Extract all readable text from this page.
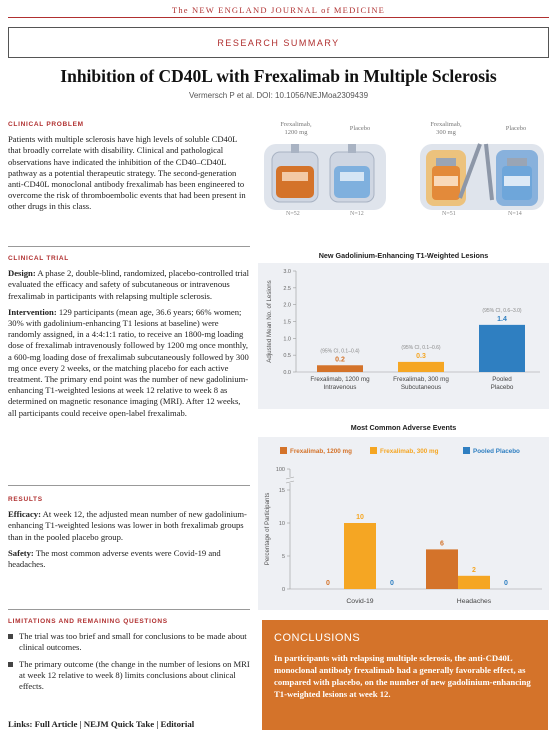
The NEW ENGLAND JOURNAL of MEDICINE
RESEARCH SUMMARY
Inhibition of CD40L with Frexalimab in Multiple Sclerosis
Vermersch P et al. DOI: 10.1056/NEJMoa2309439
CLINICAL PROBLEM

Patients with multiple sclerosis have high levels of soluble CD40L that broadly correlate with disability. Clinical and pathological observations have indicated the inhibition of the CD40–CD40L pathway as a potential therapeutic strategy. The second-generation anti-CD40L monoclonal antibody frexalimab has been engineered to overcome the risk of thromboembolic events that had been present in other drugs in this class.

CLINICAL TRIAL

Design: A phase 2, double-blind, randomized, placebo-controlled trial evaluated the efficacy and safety of subcutaneous or intravenous frexalimab in participants with relapsing multiple sclerosis.

Intervention: 129 participants (mean age, 36.6 years; 66% women; 30% with gadolinium-enhancing T1 lesions at baseline) were randomly assigned, in a 4:4:1:1 ratio, to receive an 1800-mg loading dose of frexalimab intravenously followed by 1200 mg once monthly, a 600-mg loading dose of frexalimab subcutaneously followed by 300 mg once every 2 weeks, or the matching placebo for each active treatment. The primary end point was the number of new gadolinium-enhancing T1-weighted lesions at week 12 relative to week 8 as determined on magnetic resonance imaging (MRI). After 12 weeks, all participants could receive open-label frexalimab.

RESULTS

Efficacy: At week 12, the adjusted mean number of new gadolinium-enhancing T1-weighted lesions was lower in both frexalimab groups than in the pooled placebo group.

Safety: The most common adverse events were Covid-19 and headaches.

LIMITATIONS AND REMAINING QUESTIONS
The trial was too brief and small for conclusions to be made about clinical outcomes.
The primary outcome (the change in the number of lesions on MRI at week 12 relative to week 8) limits conclusions about clinical effects.
Links: Full Article | NEJM Quick Take | Editorial
Frexalimab,
1200 mg
Placebo
Frexalimab,
300 mg
Placebo
N=52	N=12	N=51	N=14
New Gadolinium-Enhancing T1-Weighted Lesions
0.0
0.5
1.0
1.5
2.0
2.5
3.0
Adjusted Mean No. of Lesions	0.2
(95% CI, 0.1–0.4)
Frexalimab, 1200 mg
Intravenous
0.3
(95% CI, 0.1–0.6)
Frexalimab, 300 mg
Subcutaneous
1.4
(95% CI, 0.6–3.0)
Pooled
Placebo
Most Common Adverse Events
Frexalimab, 1200 mg	Frexalimab, 300 mg	Pooled Placebo
0
5
10
15
100
Percentage of Participants
0
10
0
Covid-19
6
2
0
Headaches
CONCLUSIONS
In participants with relapsing multiple sclerosis, the anti-CD40L monoclonal antibody frexalimab had a generally favorable effect, as compared with placebo, on the number of new gadolinium-enhancing T1-weighted lesions at week 12.
